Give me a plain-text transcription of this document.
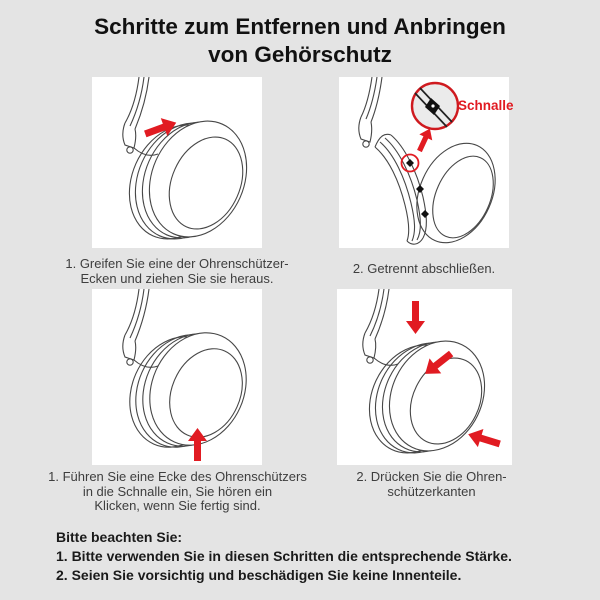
Schritte zum Entfernen und Anbringen
von Gehörschutz
Schnalle
1. Greifen Sie eine der Ohrenschützer-
Ecken und ziehen Sie sie heraus.
2. Getrennt abschließen.
1. Führen Sie eine Ecke des Ohrenschützers
in die Schnalle ein, Sie hören ein
Klicken, wenn Sie fertig sind.
2. Drücken Sie die Ohren-
schützerkanten
Bitte beachten Sie:
1. Bitte verwenden Sie in diesen Schritten die entsprechende Stärke.
2. Seien Sie vorsichtig und beschädigen Sie keine Innenteile.
